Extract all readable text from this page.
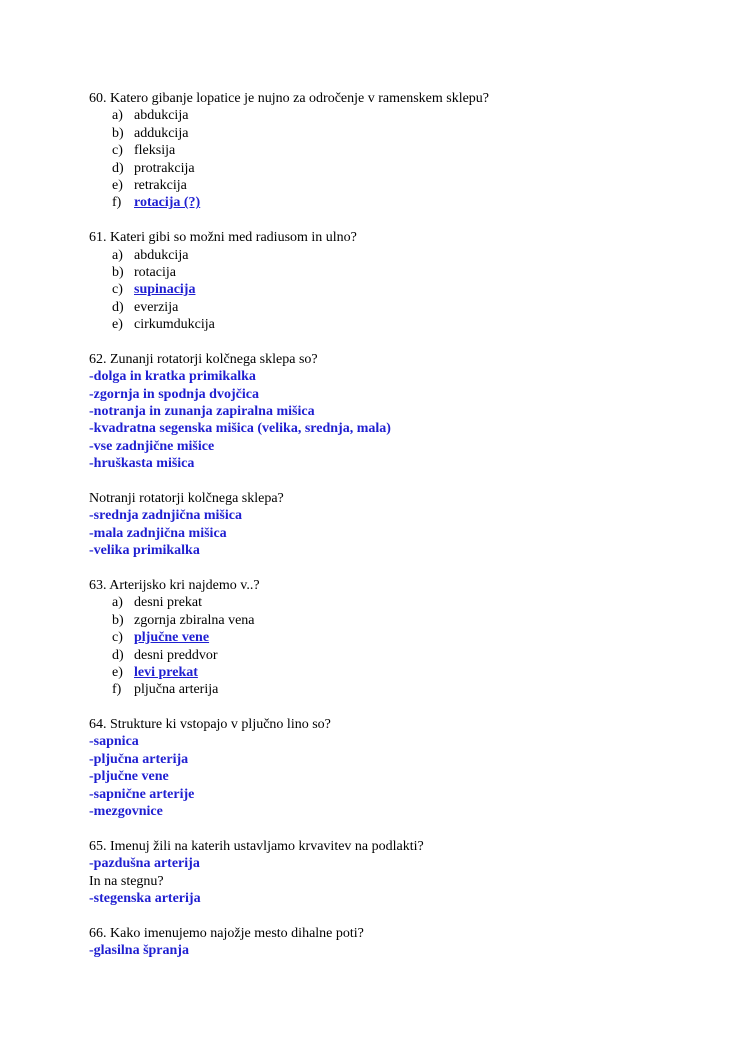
60. Katero gibanje lopatice je nujno za odročenje v ramenskem sklepu?
a) abdukcija
b) addukcija
c) fleksija
d) protrakcija
e) retrakcija
f) rotacija (?)
61. Kateri gibi so možni med radiusom in ulno?
a) abdukcija
b) rotacija
c) supinacija
d) everzija
e) cirkumdukcija
62. Zunanji rotatorji kolčnega sklepa so?
-dolga in kratka primikalka
-zgornja in spodnja dvojčica
-notranja in zunanja zapiralna mišica
-kvadratna segenska mišica (velika, srednja, mala)
-vse zadnjične mišice
-hruškasta mišica
Notranji rotatorji kolčnega sklepa?
-srednja zadnjična mišica
-mala zadnjična mišica
-velika primikalka
63. Arterijsko kri najdemo v..?
a) desni prekat
b) zgornja zbiralna vena
c) pljučne vene
d) desni preddvor
e) levi prekat
f) pljučna arterija
64. Strukture ki vstopajo v pljučno lino so?
-sapnica
-pljučna arterija
-pljučne vene
-sapnične arterije
-mezgovnice
65. Imenuj žili na katerih ustavljamo krvavitev na podlakti?
-pazdušna arterija
In na stegnu?
-stegenska arterija
66. Kako imenujemo najožje mesto dihalne poti?
-glasilna špranja
